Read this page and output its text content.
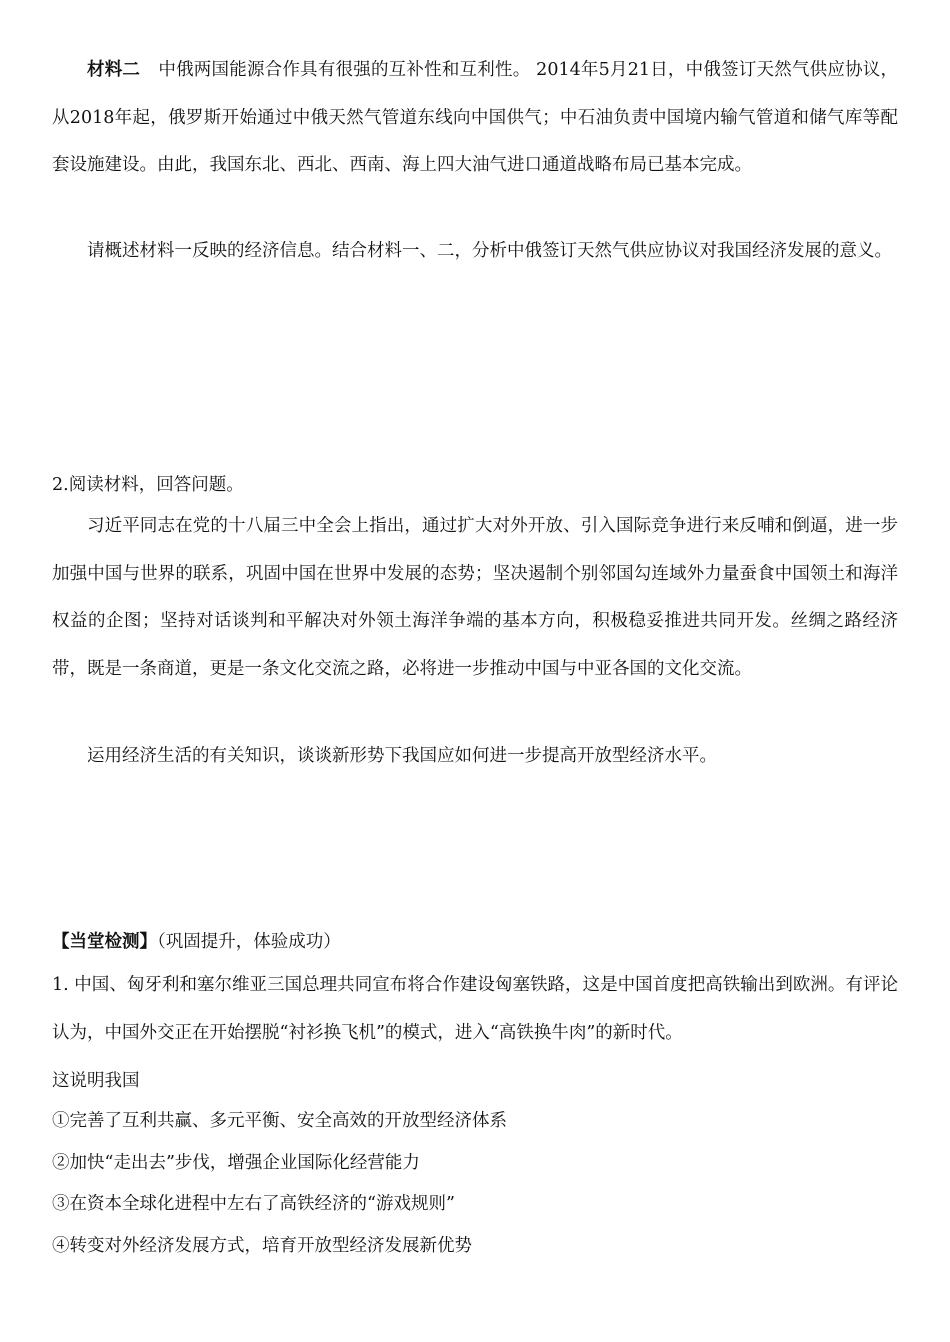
材料二 中俄两国能源合作具有很强的互补性和互利性。 2014年5月21日，中俄签订天然气供应协议，从2018年起，俄罗斯开始通过中俄天然气管道东线向中国供气；中石油负责中国境内输气管道和储气库等配套设施建设。由此，我国东北、西北、西南、海上四大油气进口通道战略布局已基本完成。
请概述材料一反映的经济信息。结合材料一、二，分析中俄签订天然气供应协议对我国经济发展的意义。
2.阅读材料，回答问题。
习近平同志在党的十八届三中全会上指出，通过扩大对外开放、引入国际竞争进行来反哺和倒逼，进一步加强中国与世界的联系，巩固中国在世界中发展的态势；坚决遏制个别邻国勾连域外力量蚕食中国领土和海洋权益的企图；坚持对话谈判和平解决对外领土海洋争端的基本方向，积极稳妥推进共同开发。丝绸之路经济带，既是一条商道，更是一条文化交流之路，必将进一步推动中国与中亚各国的文化交流。
运用经济生活的有关知识，谈谈新形势下我国应如何进一步提高开放型经济水平。
【当堂检测】（巩固提升，体验成功）
1. 中国、匈牙利和塞尔维亚三国总理共同宣布将合作建设匈塞铁路，这是中国首度把高铁输出到欧洲。有评论认为，中国外交正在开始摆脱“衬衫换飞机”的模式，进入“高铁换牛肉”的新时代。
这说明我国
①完善了互利共赢、多元平衡、安全高效的开放型经济体系
②加快“走出去”步伐，增强企业国际化经营能力
③在资本全球化进程中左右了高铁经济的“游戏规则”
④转变对外经济发展方式，培育开放型经济发展新优势
